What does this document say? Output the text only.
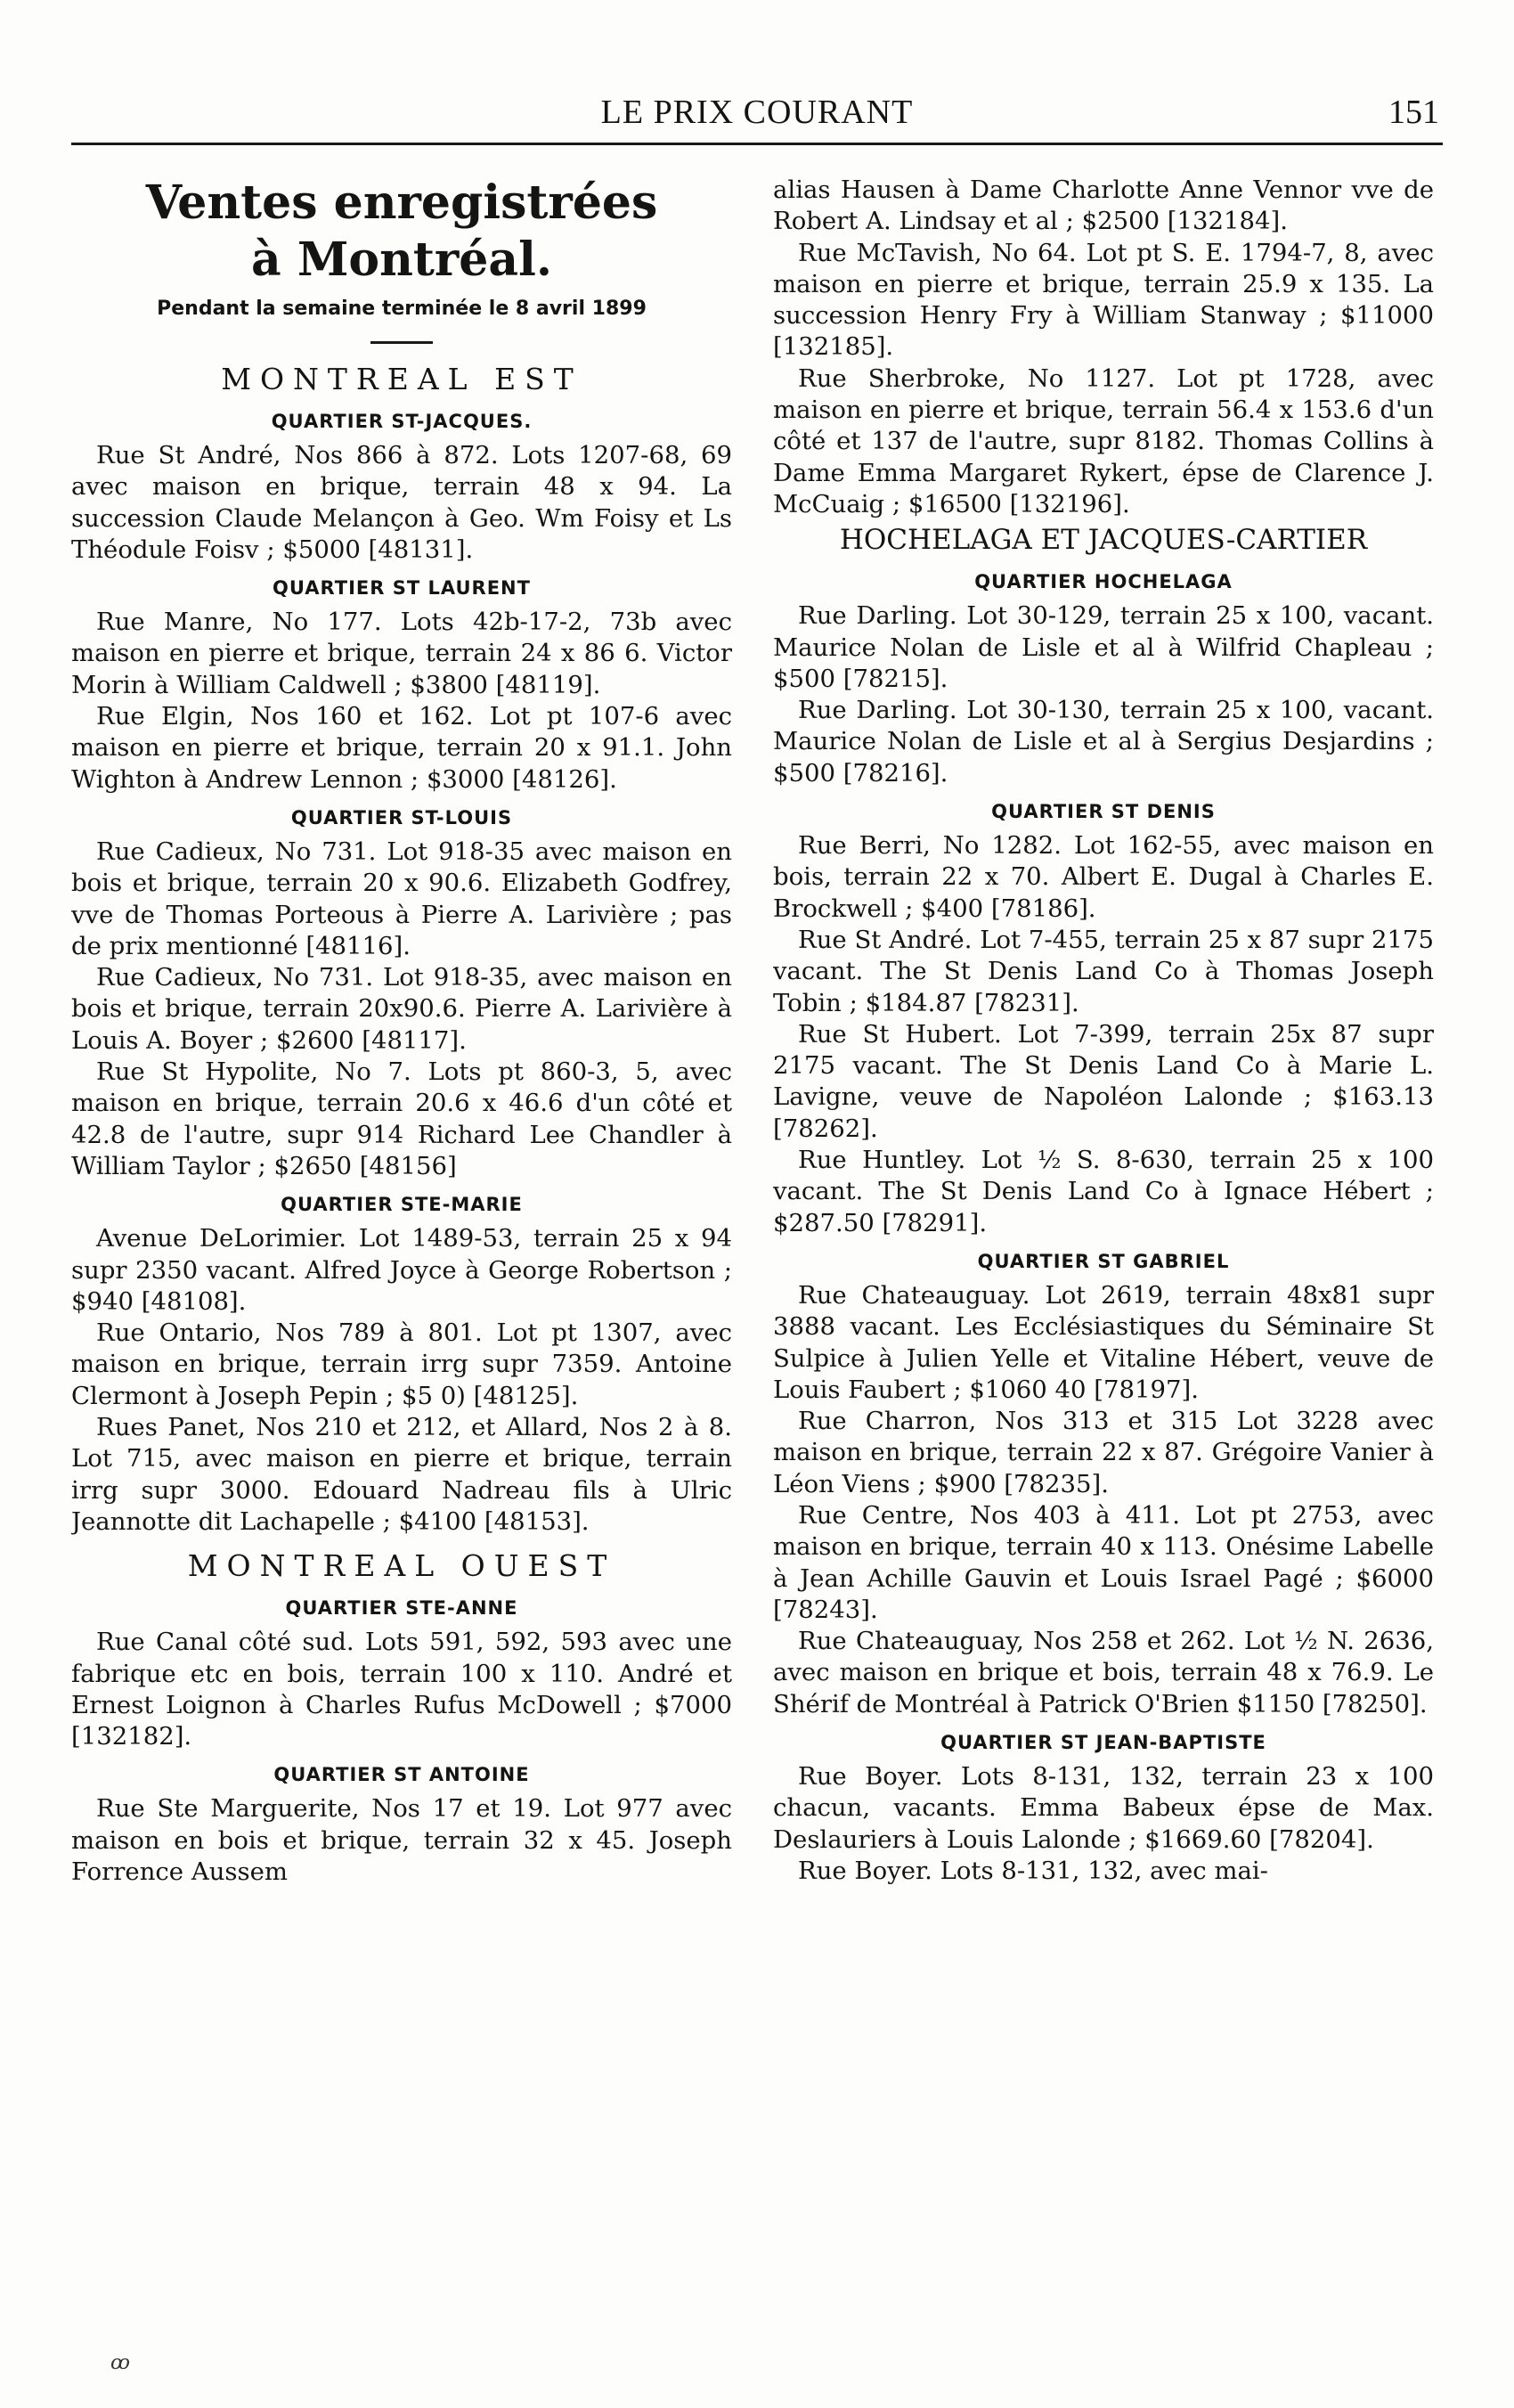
LE PRIX COURANT	151
Ventes enregistrées
à Montréal.

Pendant la semaine terminée le 8 avril 1899

MONTREAL EST
QUARTIER ST-JACQUES.

Rue St André, Nos 866 à 872. Lots 1207-68, 69 avec maison en brique, terrain 48 x 94. La succession Claude Melançon à Geo. Wm Foisy et Ls Théodule Foisv ; $5000 [48131].

QUARTIER ST LAURENT

Rue Manre, No 177. Lots 42b-17-2, 73b avec maison en pierre et brique, terrain 24 x 86 6. Victor Morin à William Caldwell ; $3800 [48119].

Rue Elgin, Nos 160 et 162. Lot pt 107-6 avec maison en pierre et brique, terrain 20 x 91.1. John Wighton à Andrew Lennon ; $3000 [48126].

QUARTIER ST-LOUIS

Rue Cadieux, No 731. Lot 918-35 avec maison en bois et brique, terrain 20 x 90.6. Elizabeth Godfrey, vve de Thomas Porteous à Pierre A. Larivière ; pas de prix mentionné [48116].

Rue Cadieux, No 731. Lot 918-35, avec maison en bois et brique, terrain 20x90.6. Pierre A. Larivière à Louis A. Boyer ; $2600 [48117].

Rue St Hypolite, No 7. Lots pt 860-3, 5, avec maison en brique, terrain 20.6 x 46.6 d'un côté et 42.8 de l'autre, supr 914 Richard Lee Chandler à William Taylor ; $2650 [48156]

QUARTIER STE-MARIE

Avenue DeLorimier. Lot 1489-53, terrain 25 x 94 supr 2350 vacant. Alfred Joyce à George Robertson ; $940 [48108].

Rue Ontario, Nos 789 à 801. Lot pt 1307, avec maison en brique, terrain irrg supr 7359. Antoine Clermont à Joseph Pepin ; $5 0) [48125].

Rues Panet, Nos 210 et 212, et Allard, Nos 2 à 8. Lot 715, avec maison en pierre et brique, terrain irrg supr 3000. Edouard Nadreau fils à Ulric Jeannotte dit Lachapelle ; $4100 [48153].

MONTREAL OUEST
QUARTIER STE-ANNE

Rue Canal côté sud. Lots 591, 592, 593 avec une fabrique etc en bois, terrain 100 x 110. André et Ernest Loignon à Charles Rufus McDowell ; $7000 [132182].

QUARTIER ST ANTOINE

Rue Ste Marguerite, Nos 17 et 19. Lot 977 avec maison en bois et brique, terrain 32 x 45. Joseph Forrence Aussem

alias Hausen à Dame Charlotte Anne Vennor vve de Robert A. Lindsay et al ; $2500 [132184].

Rue McTavish, No 64. Lot pt S. E. 1794-7, 8, avec maison en pierre et brique, terrain 25.9 x 135. La succession Henry Fry à William Stanway ; $11000 [132185].

Rue Sherbroke, No 1127. Lot pt 1728, avec maison en pierre et brique, terrain 56.4 x 153.6 d'un côté et 137 de l'autre, supr 8182. Thomas Collins à Dame Emma Margaret Rykert, épse de Clarence J. McCuaig ; $16500 [132196].

HOCHELAGA ET JACQUES-CARTIER
QUARTIER HOCHELAGA

Rue Darling. Lot 30-129, terrain 25 x 100, vacant. Maurice Nolan de Lisle et al à Wilfrid Chapleau ; $500 [78215].

Rue Darling. Lot 30-130, terrain 25 x 100, vacant. Maurice Nolan de Lisle et al à Sergius Desjardins ; $500 [78216].

QUARTIER ST DENIS

Rue Berri, No 1282. Lot 162-55, avec maison en bois, terrain 22 x 70. Albert E. Dugal à Charles E. Brockwell ; $400 [78186].

Rue St André. Lot 7-455, terrain 25 x 87 supr 2175 vacant. The St Denis Land Co à Thomas Joseph Tobin ; $184.87 [78231].

Rue St Hubert. Lot 7-399, terrain 25x 87 supr 2175 vacant. The St Denis Land Co à Marie L. Lavigne, veuve de Napoléon Lalonde ; $163.13 [78262].

Rue Huntley. Lot ½ S. 8-630, terrain 25 x 100 vacant. The St Denis Land Co à Ignace Hébert ; $287.50 [78291].

QUARTIER ST GABRIEL

Rue Chateauguay. Lot 2619, terrain 48x81 supr 3888 vacant. Les Ecclésiastiques du Séminaire St Sulpice à Julien Yelle et Vitaline Hébert, veuve de Louis Faubert ; $1060 40 [78197].

Rue Charron, Nos 313 et 315 Lot 3228 avec maison en brique, terrain 22 x 87. Grégoire Vanier à Léon Viens ; $900 [78235].

Rue Centre, Nos 403 à 411. Lot pt 2753, avec maison en brique, terrain 40 x 113. Onésime Labelle à Jean Achille Gauvin et Louis Israel Pagé ; $6000 [78243].

Rue Chateauguay, Nos 258 et 262. Lot ½ N. 2636, avec maison en brique et bois, terrain 48 x 76.9. Le Shérif de Montréal à Patrick O'Brien $1150 [78250].

QUARTIER ST JEAN-BAPTISTE

Rue Boyer. Lots 8-131, 132, terrain 23 x 100 chacun, vacants. Emma Babeux épse de Max. Deslauriers à Louis Lalonde ; $1669.60 [78204].

Rue Boyer. Lots 8-131, 132, avec mai-

ꝏ
